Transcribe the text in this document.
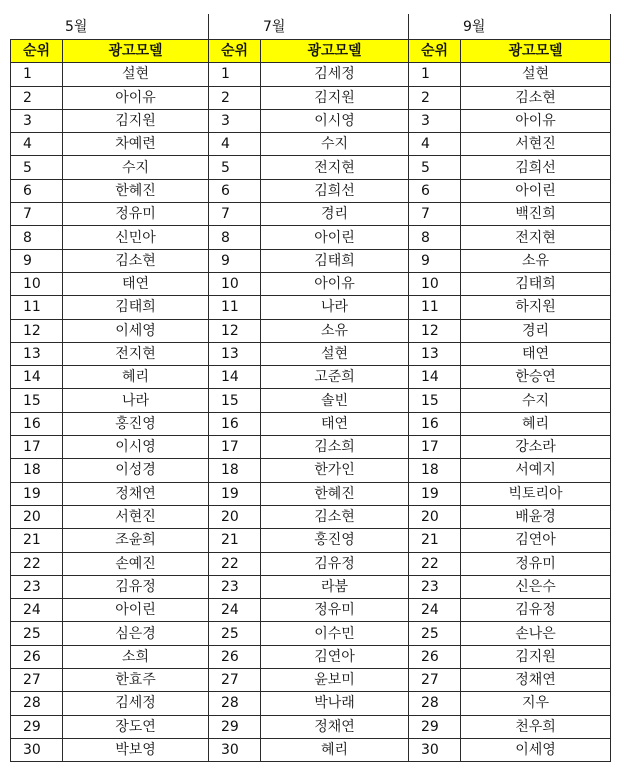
5월		7월		9월	
순위	광고모델	순위	광고모델	순위	광고모델
1	설현	1	김세정	1	설현
2	아이유	2	김지원	2	김소현
3	김지원	3	이시영	3	아이유
4	차예련	4	수지	4	서현진
5	수지	5	전지현	5	김희선
6	한혜진	6	김희선	6	아이린
7	정유미	7	경리	7	백진희
8	신민아	8	아이린	8	전지현
9	김소현	9	김태희	9	소유
10	태연	10	아이유	10	김태희
11	김태희	11	나라	11	하지원
12	이세영	12	소유	12	경리
13	전지현	13	설현	13	태연
14	혜리	14	고준희	14	한승연
15	나라	15	솔빈	15	수지
16	홍진영	16	태연	16	혜리
17	이시영	17	김소희	17	강소라
18	이성경	18	한가인	18	서예지
19	정채연	19	한혜진	19	빅토리아
20	서현진	20	김소현	20	배윤경
21	조윤희	21	홍진영	21	김연아
22	손예진	22	김유정	22	정유미
23	김유정	23	라붐	23	신은수
24	아이린	24	정유미	24	김유정
25	심은경	25	이수민	25	손나은
26	소희	26	김연아	26	김지원
27	한효주	27	윤보미	27	정채연
28	김세정	28	박나래	28	지우
29	장도연	29	정채연	29	천우희
30	박보영	30	혜리	30	이세영
